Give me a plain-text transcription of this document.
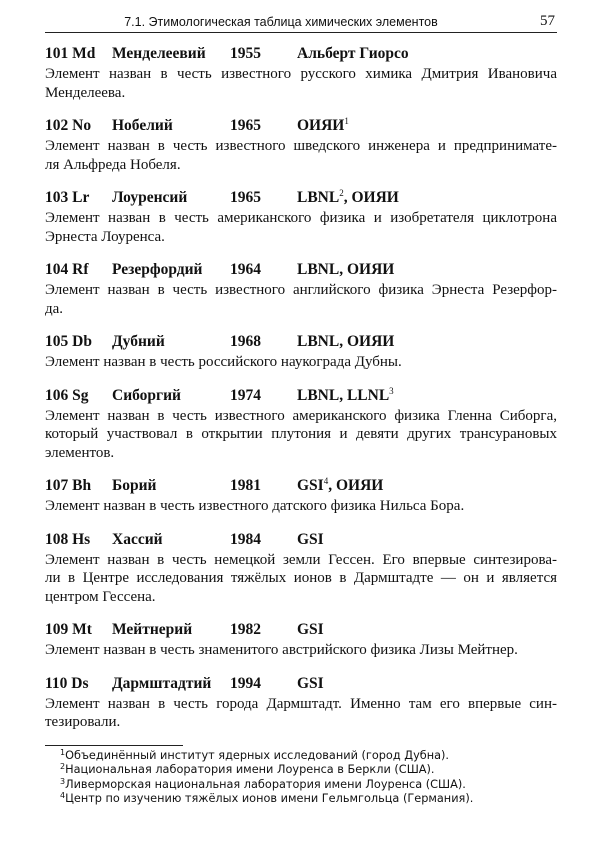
7.1. Этимологическая таблица химических элементов	57
101 Md	Менделеевий	1955	Альберт Гиорсо
Элемент назван в честь известного русского химика Дмитрия Ивановича
Менделеева.
102 No	Нобелий	1965	ОИЯИ$^1$
Элемент назван в честь известного шведского инженера и предпринимате-
ля Альфреда Нобеля.
103 Lr	Лоуренсий	1965	LBNL$^2$, ОИЯИ
Элемент назван в честь американского физика и изобретателя циклотрона
Эрнеста Лоуренса.
104 Rf	Резерфордий	1964	LBNL, ОИЯИ
Элемент назван в честь известного английского физика Эрнеста Резерфор-
да.
105 Db	Дубний	1968	LBNL, ОИЯИ
Элемент назван в честь российского наукограда Дубны.
106 Sg	Сиборгий	1974	LBNL, LLNL$^3$
Элемент назван в честь известного американского физика Гленна Сиборга,
который участвовал в открытии плутония и девяти других трансурановых
элементов.
107 Bh	Борий	1981	GSI$^4$, ОИЯИ
Элемент назван в честь известного датского физика Нильса Бора.
108 Hs	Хассий	1984	GSI
Элемент назван в честь немецкой земли Гессен. Его впервые синтезирова-
ли в Центре исследования тяжёлых ионов в Дармштадте — он и является
центром Гессена.
109 Mt	Мейтнерий	1982	GSI
Элемент назван в честь знаменитого австрийского физика Лизы Мейтнер.
110 Ds	Дармштадтий	1994	GSI
Элемент назван в честь города Дармштадт. Именно там его впервые син-
тезировали.
$^1$Объединённый институт ядерных исследований (город Дубна).
$^2$Национальная лаборатория имени Лоуренса в Беркли (США).
$^3$Ливерморская национальная лаборатория имени Лоуренса (США).
$^4$Центр по изучению тяжёлых ионов имени Гельмгольца (Германия).
